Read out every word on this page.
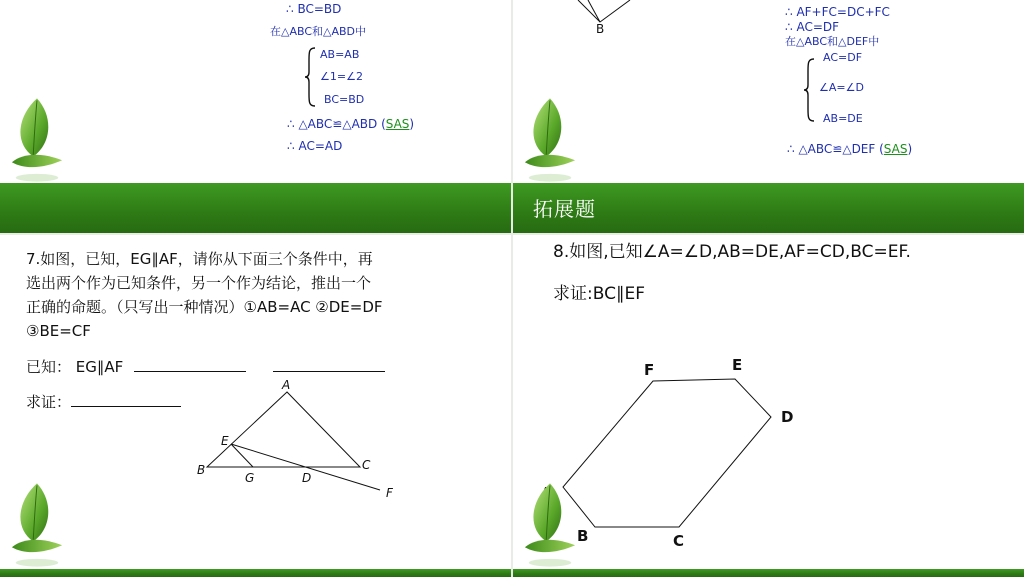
∴ BC=BD
在△ABC和△ABD中
AB=AB
∠1=∠2
BC=BD
∴ △ABC≌△ABD (SAS)
∴ AC=AD
B
∴ AF+FC=DC+FC
∴ AC=DF
在△ABC和△DEF中
AC=DF
∠A=∠D
AB=DE
∴ △ABC≌△DEF (SAS)
拓展题
7.如图，已知，EG∥AF，请你从下面三个条件中，再
选出两个作为已知条件，另一个作为结论，推出一个
正确的命题。（只写出一种情况）①AB=AC ②DE=DF
③BE=CF
已知： EG∥AF
求证：
A
E
B
G	D
C
F
8.如图,已知∠A=∠D,AB=DE,AF=CD,BC=EF.
求证:BC∥EF
F	E
D
B	C
